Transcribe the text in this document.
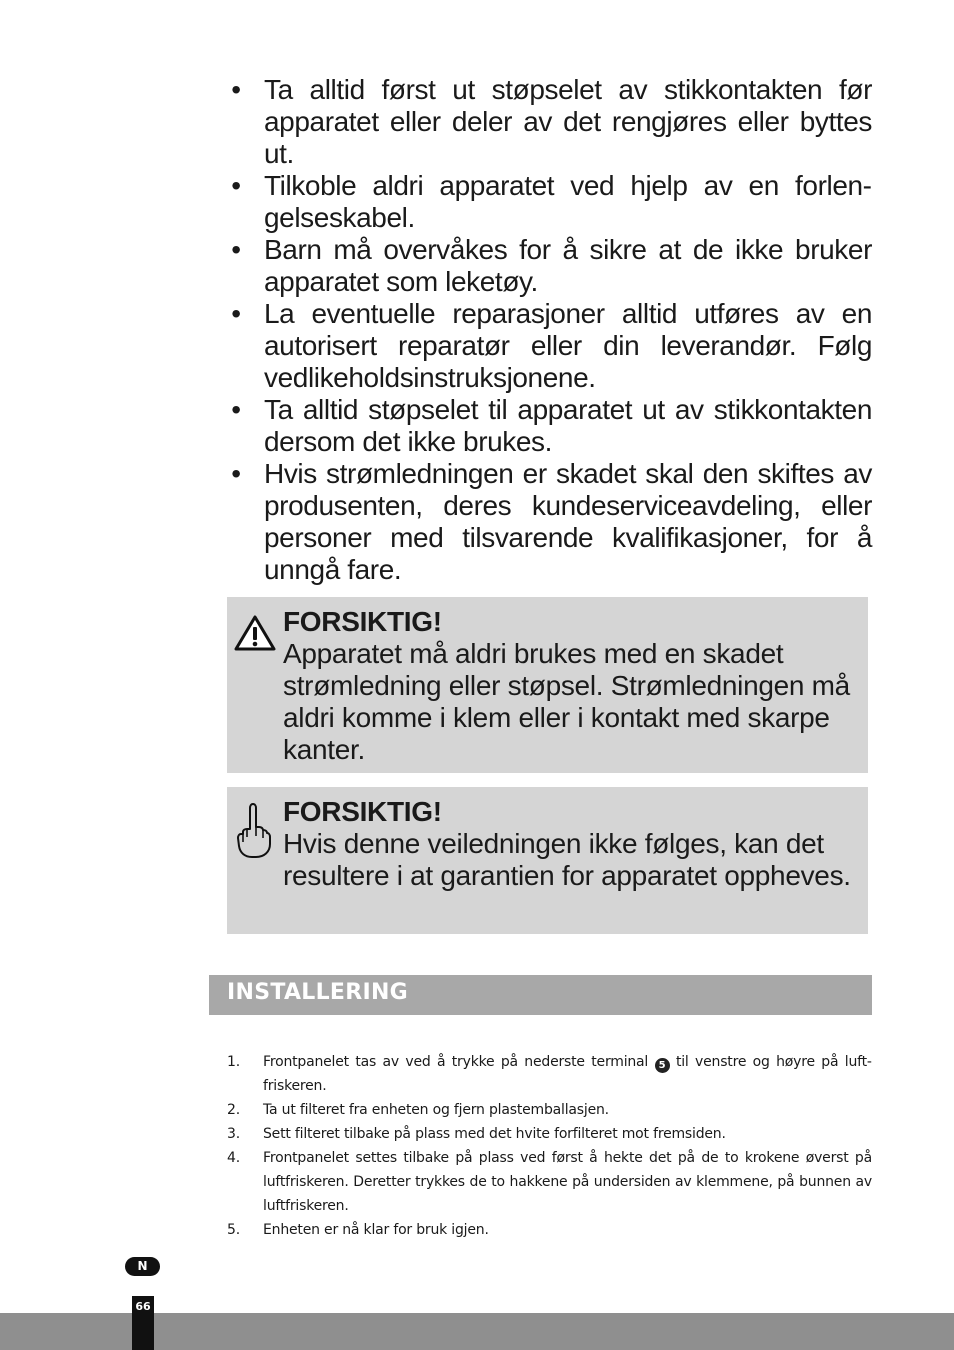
• Ta alltid først ut støpselet av stikkontakten før apparatet eller deler av det rengjøres eller byttes ut.
• Tilkoble aldri apparatet ved hjelp av en forlengelseskabel.
• Barn må overvåkes for å sikre at de ikke bruker apparatet som leketøy.
• La eventuelle reparasjoner alltid utføres av en autorisert reparatør eller din leverandør. Følg vedlikeholdsinstruksjonene.
• Ta alltid støpselet til apparatet ut av stikkontakten dersom det ikke brukes.
• Hvis strømledningen er skadet skal den skiftes av produsenten, deres kundeserviceavdeling, eller personer med tilsvarende kvalifikasjoner, for å unngå fare.
FORSIKTIG!
Apparatet må aldri brukes med en skadet strømledning eller støpsel. Strømledningen må aldri komme i klem eller i kontakt med skarpe kanter.
FORSIKTIG!
Hvis denne veiledningen ikke følges, kan det resultere i at garantien for apparatet oppheves.
INSTALLERING
1. Frontpanelet tas av ved å trykke på nederste terminal 5 til venstre og høyre på luftfriskeren.
2. Ta ut filteret fra enheten og fjern plastemballasjen.
3. Sett filteret tilbake på plass med det hvite forfilteret mot fremsiden.
4. Frontpanelet settes tilbake på plass ved først å hekte det på de to krokene øverst på luftfriskeren. Deretter trykkes de to hakkene på undersiden av klemmene, på bunnen av luftfriskeren.
5. Enheten er nå klar for bruk igjen.
N
66
